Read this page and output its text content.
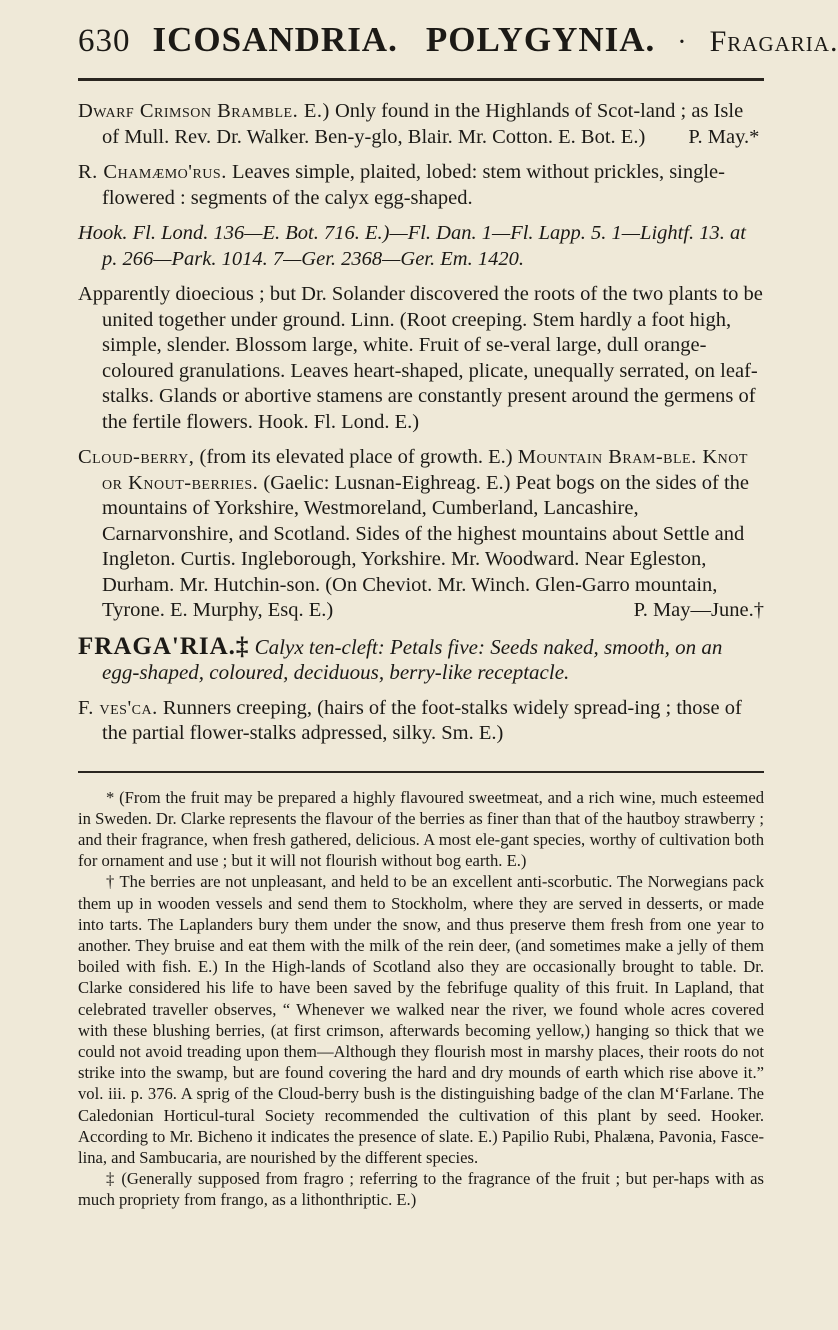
630 ICOSANDRIA. POLYGYNIA. · Fragaria.

Dwarf Crimson Bramble. E.) Only found in the Highlands of Scot-land ; as Isle of Mull. Rev. Dr. Walker. Ben-y-glo, Blair. Mr. Cotton. E. Bot. E.) P. May.*

R. Chamæmo'rus. Leaves simple, plaited, lobed: stem without prickles, single-flowered : segments of the calyx egg-shaped.

Hook. Fl. Lond. 136—E. Bot. 716. E.)—Fl. Dan. 1—Fl. Lapp. 5. 1—Lightf. 13. at p. 266—Park. 1014. 7—Ger. 2368—Ger. Em. 1420.

Apparently dioecious ; but Dr. Solander discovered the roots of the two plants to be united together under ground. Linn. (Root creeping. Stem hardly a foot high, simple, slender. Blossom large, white. Fruit of se-veral large, dull orange-coloured granulations. Leaves heart-shaped, plicate, unequally serrated, on leaf-stalks. Glands or abortive stamens are constantly present around the germens of the fertile flowers. Hook. Fl. Lond. E.)

Cloud-berry, (from its elevated place of growth. E.) Mountain Bram-ble. Knot or Knout-berries. (Gaelic: Lusnan-Eighreag. E.) Peat bogs on the sides of the mountains of Yorkshire, Westmoreland, Cumberland, Lancashire, Carnarvonshire, and Scotland. Sides of the highest mountains about Settle and Ingleton. Curtis. Ingleborough, Yorkshire. Mr. Woodward. Near Egleston, Durham. Mr. Hutchin-son. (On Cheviot. Mr. Winch. Glen-Garro mountain, Tyrone. E. Murphy, Esq. E.)	P. May—June.†

FRAGA'RIA.‡ Calyx ten-cleft: Petals five: Seeds naked, smooth, on an egg-shaped, coloured, deciduous, berry-like receptacle.

F. ves'ca. Runners creeping, (hairs of the foot-stalks widely spread-ing ; those of the partial flower-stalks adpressed, silky. Sm. E.)

* (From the fruit may be prepared a highly flavoured sweetmeat, and a rich wine, much esteemed in Sweden. Dr. Clarke represents the flavour of the berries as finer than that of the hautboy strawberry ; and their fragrance, when fresh gathered, delicious. A most ele-gant species, worthy of cultivation both for ornament and use ; but it will not flourish without bog earth. E.)

† The berries are not unpleasant, and held to be an excellent anti-scorbutic. The Norwegians pack them up in wooden vessels and send them to Stockholm, where they are served in desserts, or made into tarts. The Laplanders bury them under the snow, and thus preserve them fresh from one year to another. They bruise and eat them with the milk of the rein deer, (and sometimes make a jelly of them boiled with fish. E.) In the High-lands of Scotland also they are occasionally brought to table. Dr. Clarke considered his life to have been saved by the febrifuge quality of this fruit. In Lapland, that celebrated traveller observes, “ Whenever we walked near the river, we found whole acres covered with these blushing berries, (at first crimson, afterwards becoming yellow,) hanging so thick that we could not avoid treading upon them—Although they flourish most in marshy places, their roots do not strike into the swamp, but are found covering the hard and dry mounds of earth which rise above it.” vol. iii. p. 376. A sprig of the Cloud-berry bush is the distinguishing badge of the clan M‘Farlane. The Caledonian Horticul-tural Society recommended the cultivation of this plant by seed. Hooker. According to Mr. Bicheno it indicates the presence of slate. E.) Papilio Rubi, Phalæna, Pavonia, Fasce-lina, and Sambucaria, are nourished by the different species.

‡ (Generally supposed from fragro ; referring to the fragrance of the fruit ; but per-haps with as much propriety from frango, as a lithonthriptic. E.)
